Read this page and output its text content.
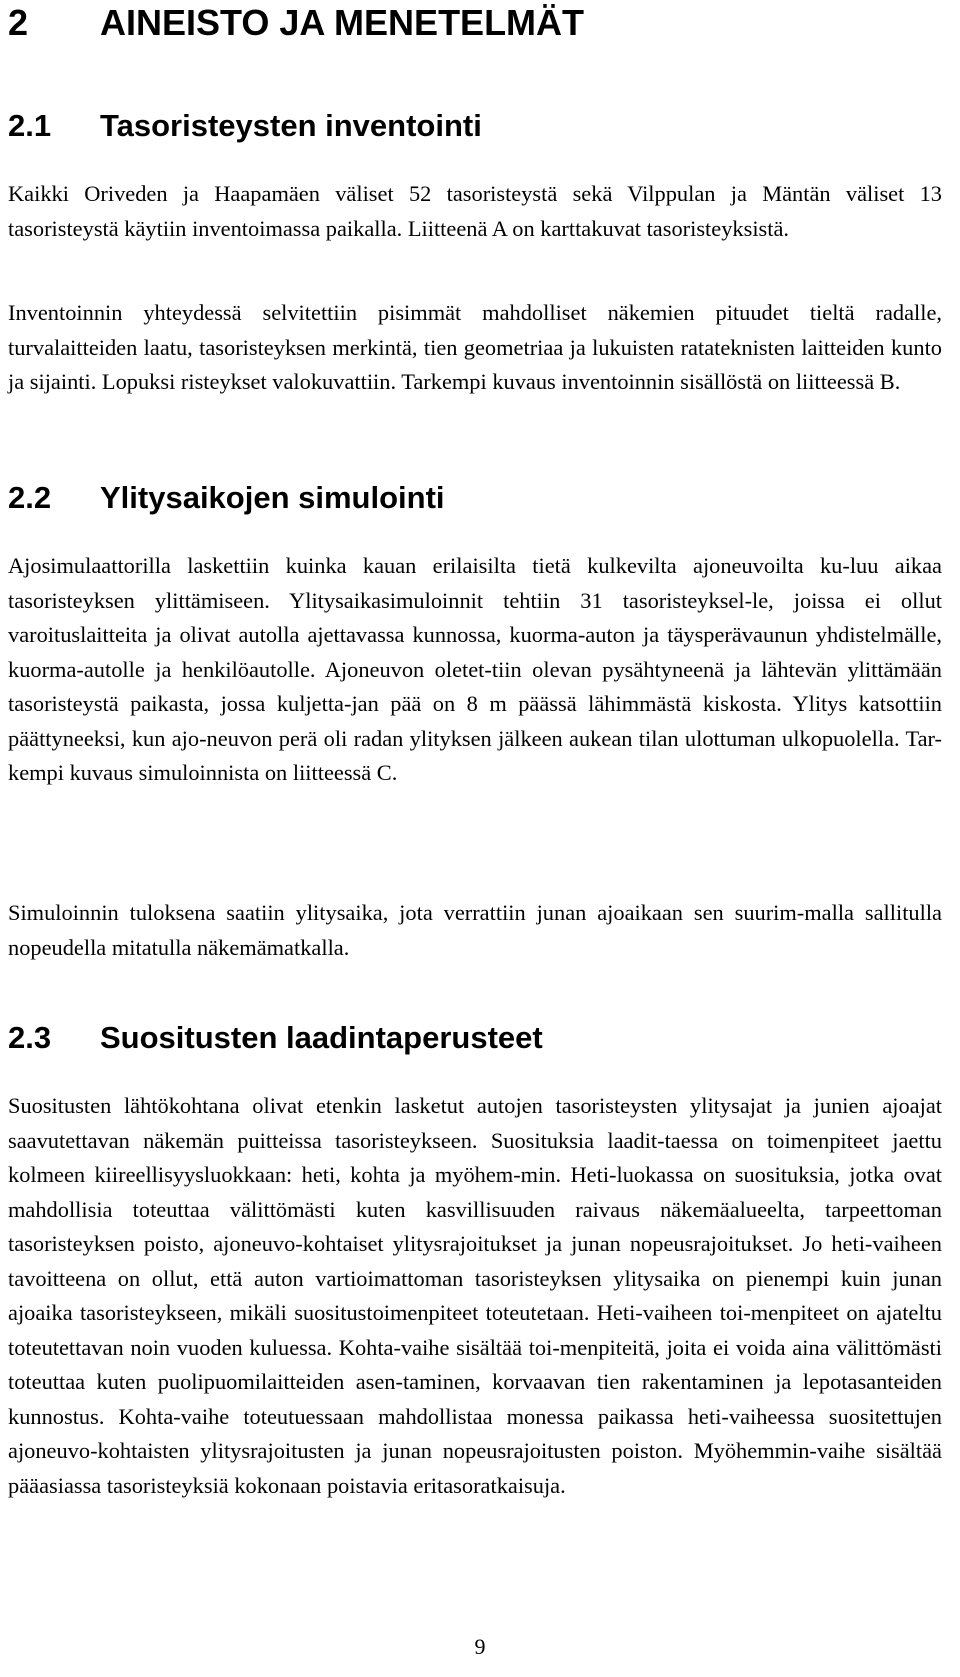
2 AINEISTO JA MENETELMÄT
2.1 Tasoristeysten inventointi

Kaikki Oriveden ja Haapamäen väliset 52 tasoristeystä sekä Vilppulan ja Mäntän väliset 13 tasoristeystä käytiin inventoimassa paikalla. Liitteenä A on karttakuvat tasoristeyksistä.

Inventoinnin yhteydessä selvitettiin pisimmät mahdolliset näkemien pituudet tieltä radalle, turvalaitteiden laatu, tasoristeyksen merkintä, tien geometriaa ja lukuisten ratateknisten laitteiden kunto ja sijainti. Lopuksi risteykset valokuvattiin. Tarkempi kuvaus inventoinnin sisällöstä on liitteessä B.

2.2 Ylitysaikojen simulointi

Ajosimulaattorilla laskettiin kuinka kauan erilaisilta tietä kulkevilta ajoneuvoilta ku-luu aikaa tasoristeyksen ylittämiseen. Ylitysaikasimuloinnit tehtiin 31 tasoristeyksel-le, joissa ei ollut varoituslaitteita ja olivat autolla ajettavassa kunnossa, kuorma-auton ja täysperävaunun yhdistelmälle, kuorma-autolle ja henkilöautolle. Ajoneuvon oletet-tiin olevan pysähtyneenä ja lähtevän ylittämään tasoristeystä paikasta, jossa kuljetta-jan pää on 8 m päässä lähimmästä kiskosta. Ylitys katsottiin päättyneeksi, kun ajo-neuvon perä oli radan ylityksen jälkeen aukean tilan ulottuman ulkopuolella. Tar-kempi kuvaus simuloinnista on liitteessä C.

Simuloinnin tuloksena saatiin ylitysaika, jota verrattiin junan ajoaikaan sen suurim-malla sallitulla nopeudella mitatulla näkemämatkalla.

2.3 Suositusten laadintaperusteet

Suositusten lähtökohtana olivat etenkin lasketut autojen tasoristeysten ylitysajat ja junien ajoajat saavutettavan näkemän puitteissa tasoristeykseen. Suosituksia laadit-taessa on toimenpiteet jaettu kolmeen kiireellisyysluokkaan: heti, kohta ja myöhem-min. Heti-luokassa on suosituksia, jotka ovat mahdollisia toteuttaa välittömästi kuten kasvillisuuden raivaus näkemäalueelta, tarpeettoman tasoristeyksen poisto, ajoneuvo-kohtaiset ylitysrajoitukset ja junan nopeusrajoitukset. Jo heti-vaiheen tavoitteena on ollut, että auton vartioimattoman tasoristeyksen ylitysaika on pienempi kuin junan ajoaika tasoristeykseen, mikäli suositustoimenpiteet toteutetaan. Heti-vaiheen toi-menpiteet on ajateltu toteutettavan noin vuoden kuluessa. Kohta-vaihe sisältää toi-menpiteitä, joita ei voida aina välittömästi toteuttaa kuten puolipuomilaitteiden asen-taminen, korvaavan tien rakentaminen ja lepotasanteiden kunnostus. Kohta-vaihe toteutuessaan mahdollistaa monessa paikassa heti-vaiheessa suositettujen ajoneuvo-kohtaisten ylitysrajoitusten ja junan nopeusrajoitusten poiston. Myöhemmin-vaihe sisältää pääasiassa tasoristeyksiä kokonaan poistavia eritasoratkaisuja.

9
